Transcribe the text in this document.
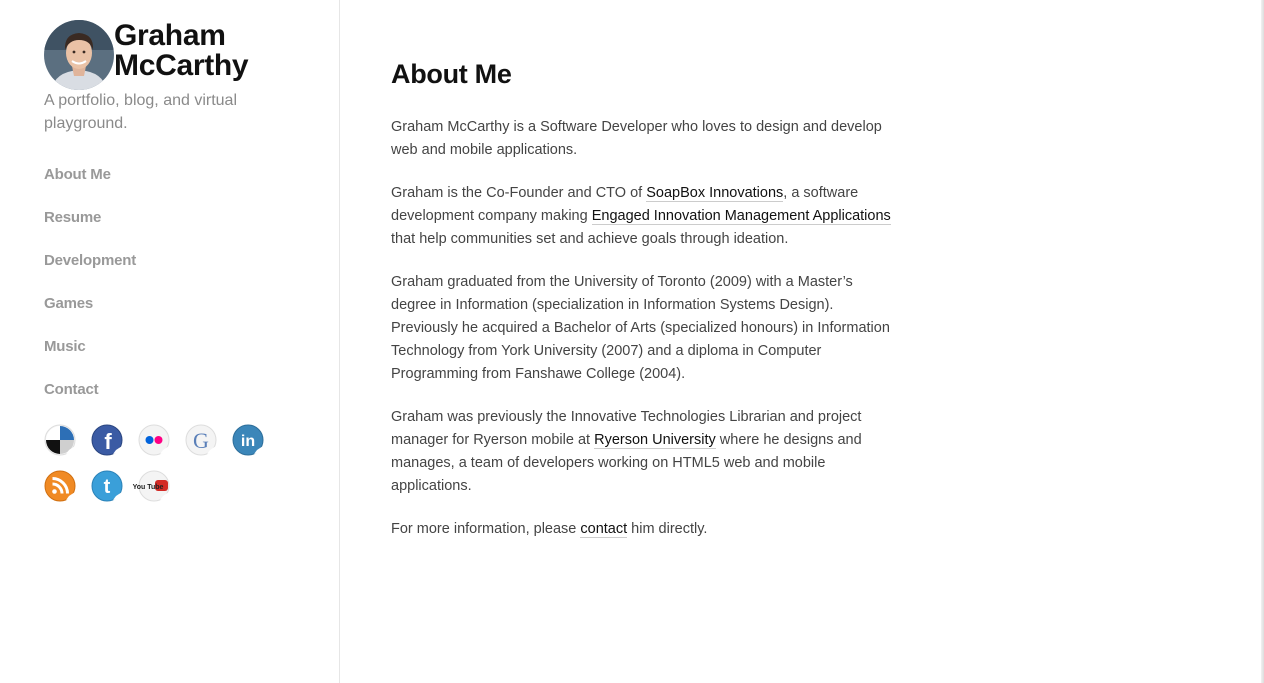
Graham McCarthy
A portfolio, blog, and virtual playground.
About Me
Resume
Development
Games
Music
Contact
f	G in
t	You Tube
About Me

Graham McCarthy is a Software Developer who loves to design and develop web and mobile applications.

Graham is the Co-Founder and CTO of SoapBox Innovations, a software development company making Engaged Innovation Management Applications that help communities set and achieve goals through ideation.

Graham graduated from the University of Toronto (2009) with a Master’s degree in Information (specialization in Information Systems Design). Previously he acquired a Bachelor of Arts (specialized honours) in Information Technology from York University (2007) and a diploma in Computer Programming from Fanshawe College (2004).

Graham was previously the Innovative Technologies Librarian and project manager for Ryerson mobile at Ryerson University where he designs and manages, a team of developers working on HTML5 web and mobile applications.

For more information, please contact him directly.
